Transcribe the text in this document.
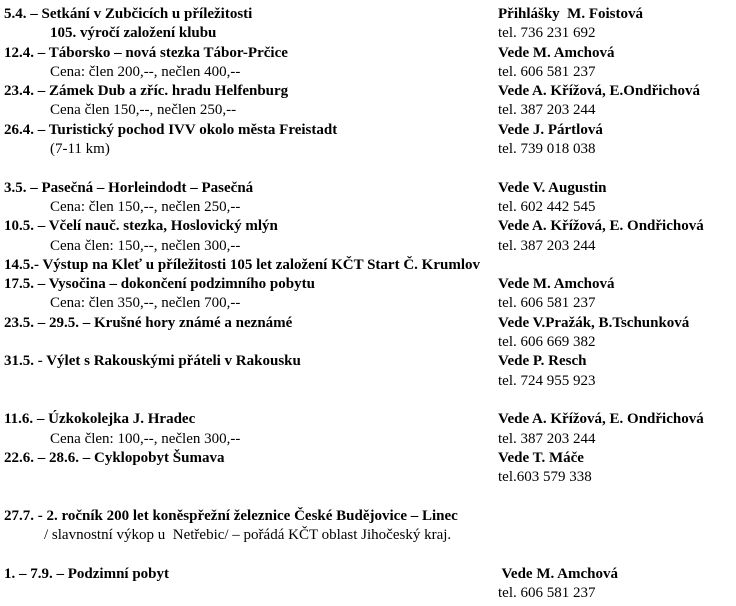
5.4. – Setkání v Zubčicích u příležitosti	Přihlášky  M. Foistová
105. výročí založení klubu	tel. 736 231 692
12.4. – Táborsko – nová stezka Tábor-Prčice	Vede M. Amchová
Cena: člen 200,--, nečlen 400,--	tel. 606 581 237
23.4. – Zámek Dub a zříc. hradu Helfenburg	Vede A. Křížová, E.Ondřichová
Cena člen 150,--, nečlen 250,--	tel. 387 203 244
26.4. – Turistický pochod IVV okolo města Freistadt	Vede J. Pártlová
(7-11 km)	tel. 739 018 038
3.5. – Pasečná – Horleindodt – Pasečná	Vede V. Augustin
Cena: člen 150,--, nečlen 250,--	tel. 602 442 545
10.5. – Včelí nauč. stezka, Hoslovický mlýn	Vede A. Křížová, E. Ondřichová
Cena člen: 150,--, nečlen 300,--	tel. 387 203 244
14.5.- Výstup na Kleť u příležitosti 105 let založení KČT Start Č. Krumlov
17.5. – Vysočina – dokončení podzimního pobytu	Vede M. Amchová
Cena: člen 350,--, nečlen 700,--	tel. 606 581 237
23.5. – 29.5. – Krušné hory známé a neznámé	Vede V.Pražák, B.Tschunková
tel. 606 669 382
31.5. - Výlet s Rakouskými přáteli v Rakousku	Vede P. Resch
tel. 724 955 923
11.6. – Úzkokolejka J. Hradec	Vede A. Křížová, E. Ondřichová
Cena člen: 100,--, nečlen 300,--	tel. 387 203 244
22.6. – 28.6. – Cyklopobyt Šumava	Vede T. Máče
tel.603 579 338
27.7. - 2. ročník 200 let koněspřežní železnice České Budějovice – Linec
/ slavnostní výkop u  Netřebic/ – pořádá KČT oblast Jihočeský kraj.
1. – 7.9. – Podzimní pobyt	Vede M. Amchová
tel. 606 581 237
